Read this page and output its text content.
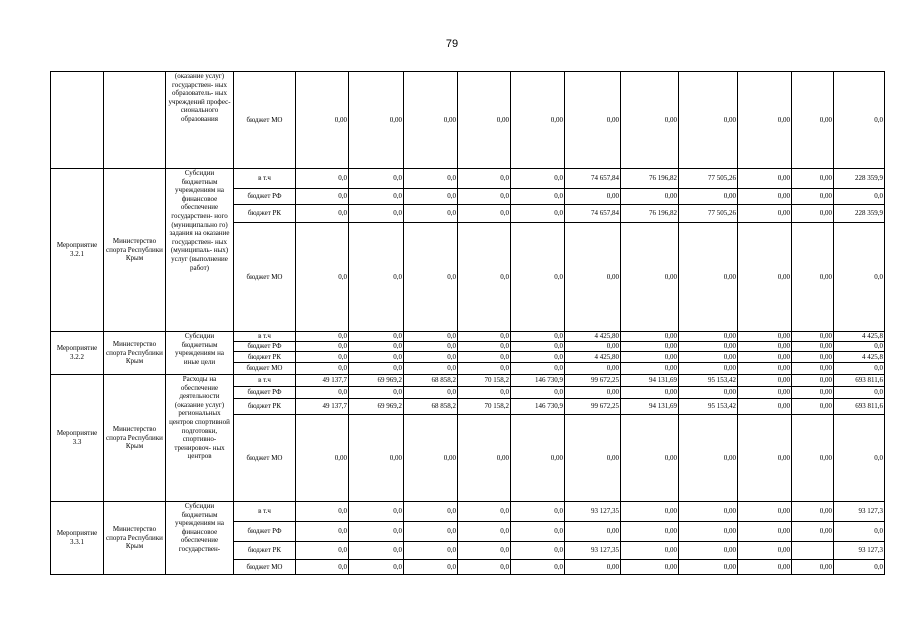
79
		(оказание услуг) государствен- ных образователь- ных учреждений профес- сионального образования	бюджет МО	0,00	0,00	0,00	0,00	0,00	0,00	0,00	0,00	0,00	0,00	0,0
Мероприятие 3.2.1	Министерство спорта Республики Крым	Субсидии бюджетным учреждениям на финансовое обеспечение государствен- ного (муниципально го) задания на оказание государствен- ных (муниципаль- ных) услуг (выполнение работ)	в т.ч	0,0	0,0	0,0	0,0	0,0	74 657,84	76 196,82	77 505,26	0,00	0,00	228 359,9
			бюджет РФ	0,0	0,0	0,0	0,0	0,0	0,00	0,00	0,00	0,00	0,00	0,0
			бюджет РК	0,0	0,0	0,0	0,0	0,0	74 657,84	76 196,82	77 505,26	0,00	0,00	228 359,9
			бюджет МО	0,0	0,0	0,0	0,0	0,0	0,00	0,00	0,00	0,00	0,00	0,0
Мероприятие 3.2.2	Министерство спорта Республики Крым	Субсидии бюджетным учреждениям на иные цели	в т.ч	0,0	0,0	0,0	0,0	0,0	4 425,80	0,00	0,00	0,00	0,00	4 425,8
			бюджет РФ	0,0	0,0	0,0	0,0	0,0	0,00	0,00	0,00	0,00	0,00	0,0
			бюджет РК	0,0	0,0	0,0	0,0	0,0	4 425,80	0,00	0,00	0,00	0,00	4 425,8
			бюджет МО	0,0	0,0	0,0	0,0	0,0	0,00	0,00	0,00	0,00	0,00	0,0
Мероприятие 3.3	Министерство спорта Республики Крым	Расходы на обеспечение деятельности (оказание услуг) региональных центров спортивной подготовки, спортивно- тренировоч- ных центров	в т.ч	49 137,7	69 969,2	68 858,2	70 158,2	146 730,9	99 672,25	94 131,69	95 153,42	0,00	0,00	693 811,6
			бюджет РФ	0,0	0,0	0,0	0,0	0,0	0,00	0,00	0,00	0,00	0,00	0,0
			бюджет РК	49 137,7	69 969,2	68 858,2	70 158,2	146 730,9	99 672,25	94 131,69	95 153,42	0,00	0,00	693 811,6
			бюджет МО	0,00	0,00	0,00	0,00	0,00	0,00	0,00	0,00	0,00	0,00	0,0
Мероприятие 3.3.1	Министерство спорта Республики Крым	Субсидии бюджетным учреждениям на финансовое обеспечение государствен-	в т.ч	0,0	0,0	0,0	0,0	0,0	93 127,35	0,00	0,00	0,00	0,00	93 127,3
			бюджет РФ	0,0	0,0	0,0	0,0	0,0	0,00	0,00	0,00	0,00	0,00	0,0
			бюджет РК	0,0	0,0	0,0	0,0	0,0	93 127,35	0,00	0,00	0,00		93 127,3
			бюджет МО	0,0	0,0	0,0	0,0	0,0	0,00	0,00	0,00	0,00	0,00	0,0
